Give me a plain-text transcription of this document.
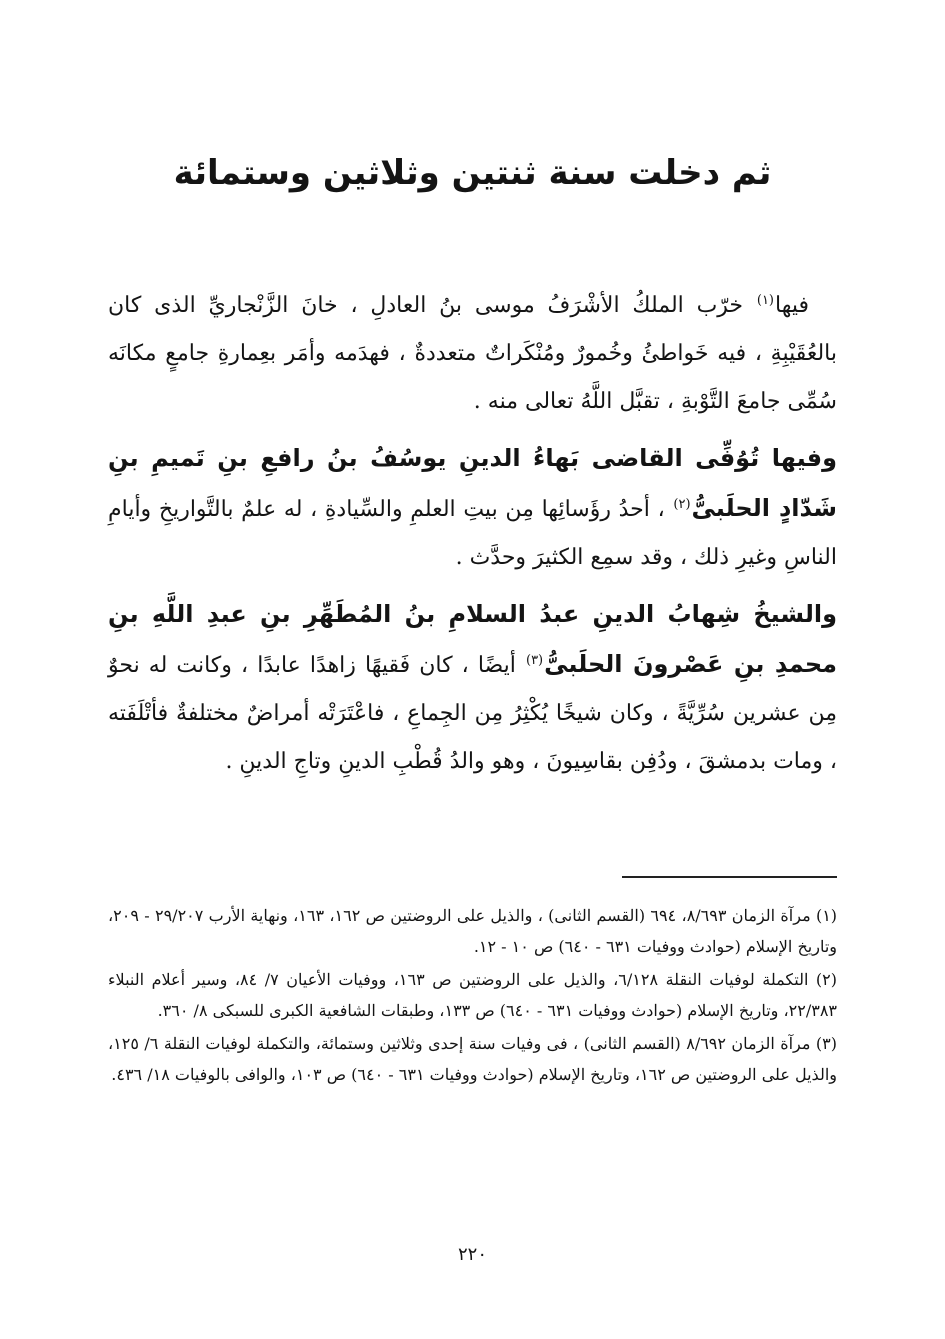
ثم دخلت سنة ثنتين وثلاثين وستمائة

فيها$^{(١)}$ خرّب الملكُ الأشْرَفُ موسى بنُ العادلِ ، خانَ الزَّنْجاريِّ الذى كان بالعُقَيْبِةِ ، فيه خَواطئُ وخُمورٌ ومُنْكَراتٌ متعددةٌ ، فهدَمه وأمَر بعِمارةِ جامعٍ مكانَه سُمِّى جامعَ التَّوْبةِ ، تقبَّل اللَّهُ تعالى منه .

وفيها تُوُفِّى القاضى بَهاءُ الدينِ يوسُفُ بنُ رافعِ بنِ تَميمِ بنِ شَدّادٍ الحلَبىُّ$^{(٢)}$ ، أحدُ رؤَسائِها مِن بيتِ العلمِ والسِّيادةِ ، له علمٌ بالتَّواريخِ وأيامِ الناسِ وغيرِ ذلك ، وقد سمِع الكثيرَ وحدَّث .

والشيخُ شِهابُ الدينِ عبدُ السلامِ بنُ المُطَهِّرِ بنِ عبدِ اللَّهِ بنِ محمدِ بنِ عَصْرونَ الحلَبىُّ$^{(٣)}$ أيضًا ، كان فَقيهًا زاهدًا عابدًا ، وكانت له نحوٌ مِن عشرين سُرِّيَّةً ، وكان شيخًا يُكْثِرُ مِن الجِماعِ ، فاعْتَرَتْه أمراضٌ مختلفةٌ فأتْلَفَته ، ومات بدمشقَ ، ودُفِن بقاسِيونَ ، وهو والدُ قُطْبِ الدينِ وتاجِ الدينِ .

(١) مرآة الزمان ٨/٦٩٣، ٦٩٤ (القسم الثانى) ، والذيل على الروضتين ص ١٦٢، ١٦٣، ونهاية الأرب ٢٩/٢٠٧ - ٢٠٩، وتاريخ الإسلام (حوادث ووفيات ٦٣١ - ٦٤٠) ص ١٠ - ١٢.

(٢) التكملة لوفيات النقلة ٦/١٢٨، والذيل على الروضتين ص ١٦٣، ووفيات الأعيان ٧/ ٨٤، وسير أعلام النبلاء ٢٢/٣٨٣، وتاريخ الإسلام (حوادث ووفيات ٦٣١ - ٦٤٠) ص ١٣٣، وطبقات الشافعية الكبرى للسبكى ٨/ ٣٦٠.

(٣) مرآة الزمان ٨/٦٩٢ (القسم الثانى) ، فى وفيات سنة إحدى وثلاثين وستمائة، والتكملة لوفيات النقلة ٦/ ١٢٥، والذيل على الروضتين ص ١٦٢، وتاريخ الإسلام (حوادث ووفيات ٦٣١ - ٦٤٠) ص ١٠٣، والوافى بالوفيات ١٨/ ٤٣٦.

٢٢٠
